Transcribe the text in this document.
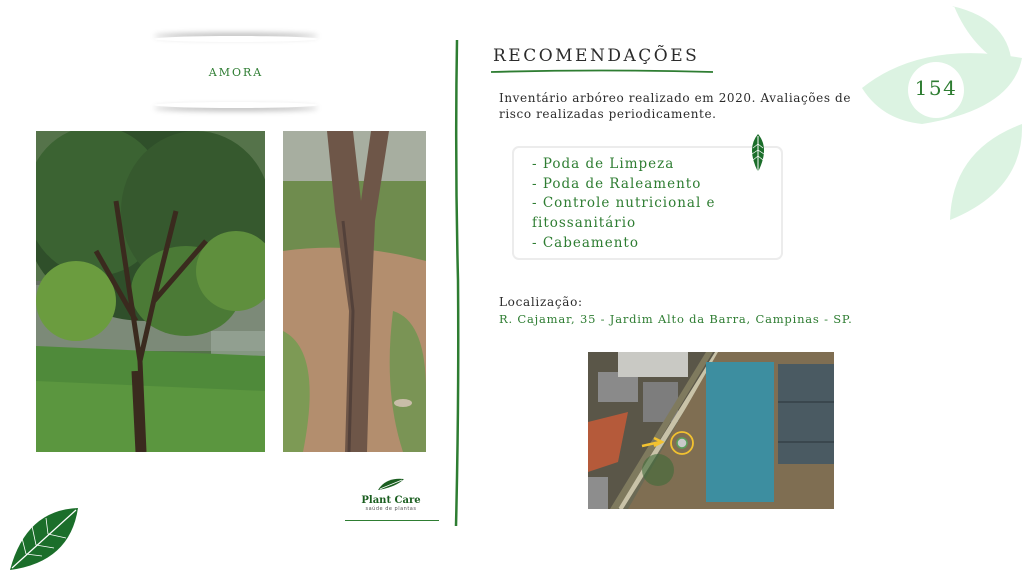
AMORA
RECOMENDAÇÕES
Inventário arbóreo realizado em 2020. Avaliações de risco realizadas periodicamente.
- Poda de Limpeza
- Poda de Raleamento
- Controle nutricional e fitossanitário
- Cabeamento
Localização:
R. Cajamar, 35 - Jardim Alto da Barra, Campinas - SP.
154
Plant Care
saúde de plantas
